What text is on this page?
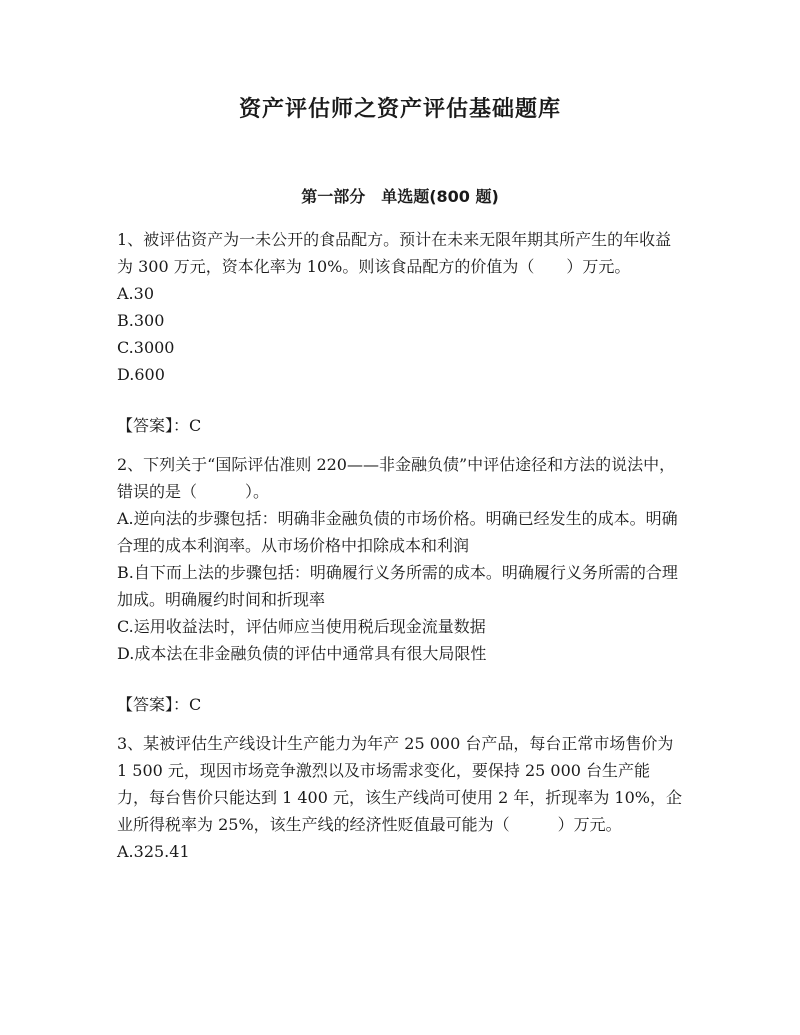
资产评估师之资产评估基础题库
第一部分　单选题(800 题)

1、被评估资产为一未公开的食品配方。预计在未来无限年期其所产生的年收益为 300 万元，资本化率为 10%。则该食品配方的价值为（　　）万元。

A.30

B.300

C.3000

D.600

【答案】：C

2、下列关于“国际评估准则 220——非金融负债”中评估途径和方法的说法中，错误的是（　　　）。

A.逆向法的步骤包括：明确非金融负债的市场价格。明确已经发生的成本。明确合理的成本利润率。从市场价格中扣除成本和利润

B.自下而上法的步骤包括：明确履行义务所需的成本。明确履行义务所需的合理加成。明确履约时间和折现率

C.运用收益法时，评估师应当使用税后现金流量数据

D.成本法在非金融负债的评估中通常具有很大局限性

【答案】：C

3、某被评估生产线设计生产能力为年产 25 000 台产品，每台正常市场售价为 1 500 元，现因市场竞争激烈以及市场需求变化，要保持 25 000 台生产能力，每台售价只能达到 1 400 元，该生产线尚可使用 2 年，折现率为 10%，企业所得税率为 25%，该生产线的经济性贬值最可能为（　　　）万元。

A.325.41
